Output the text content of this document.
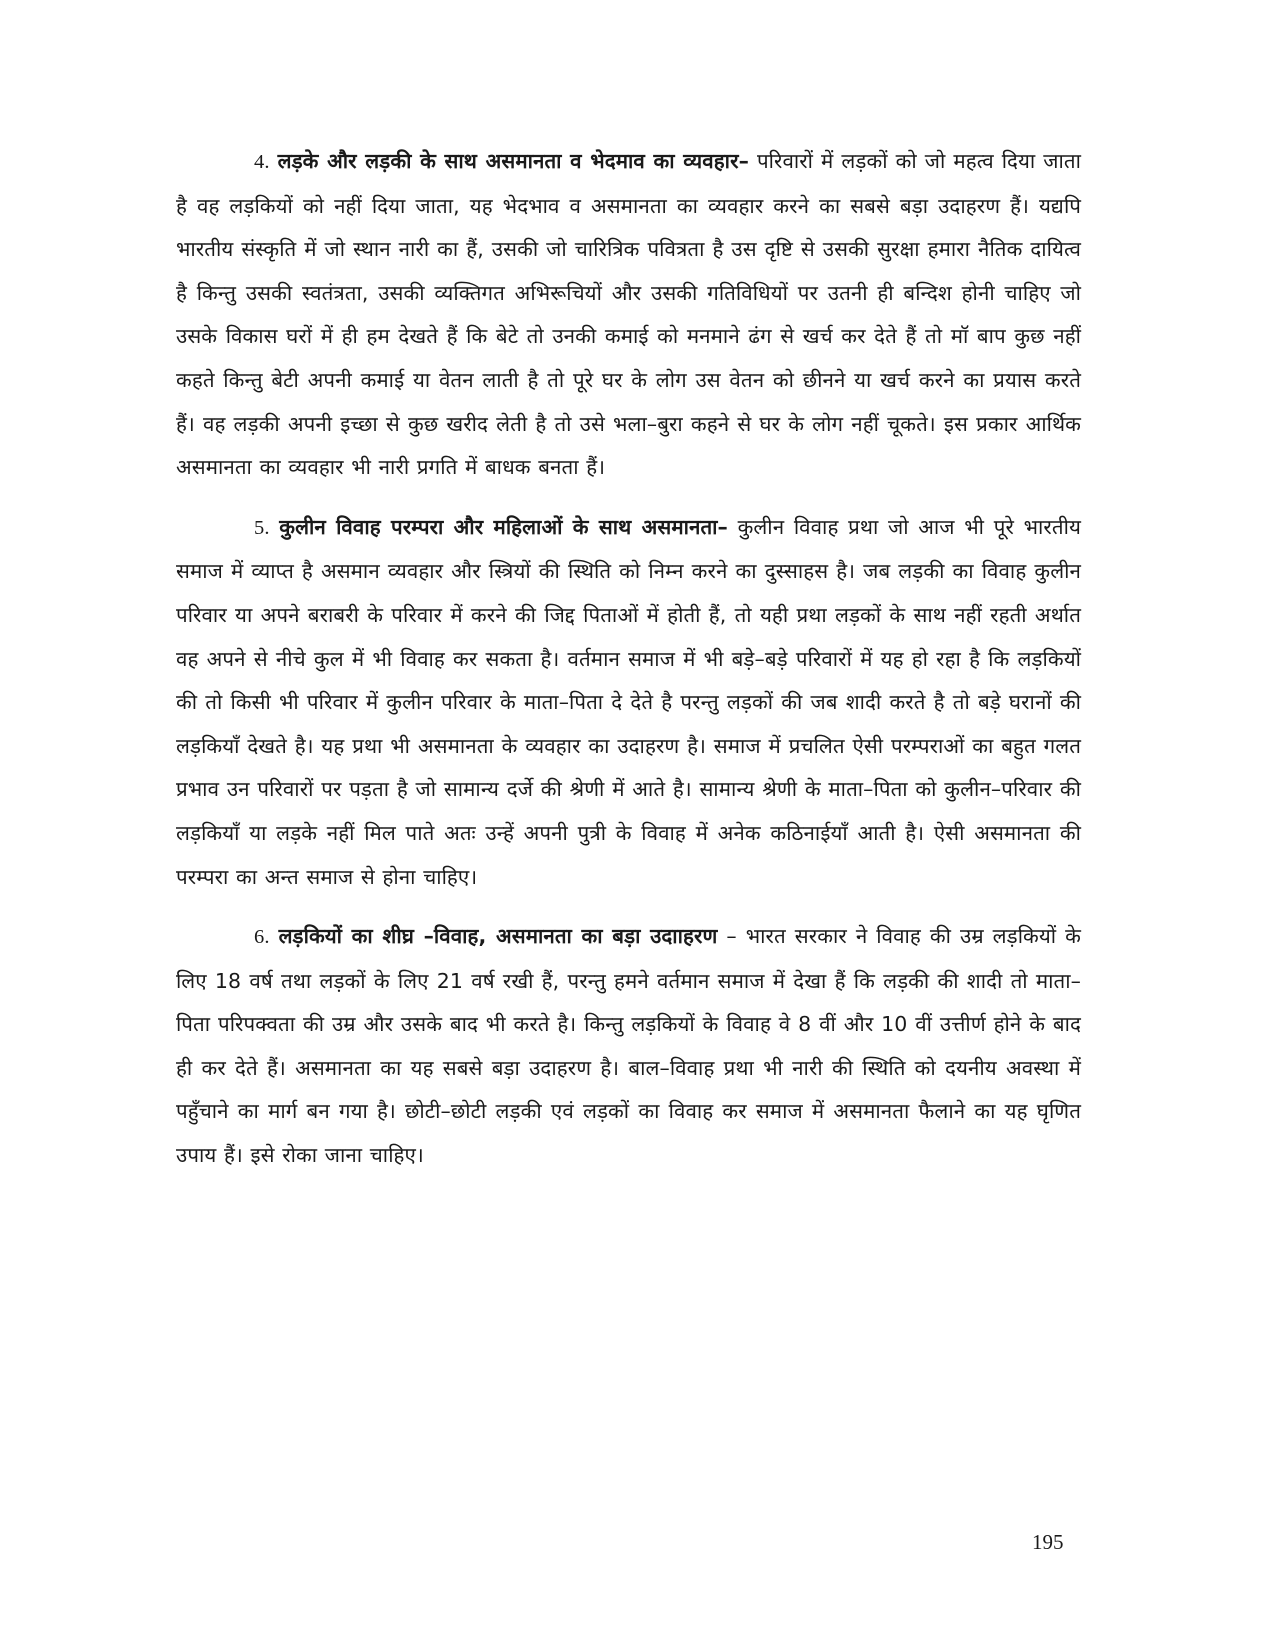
4. लड़के और लड़की के साथ असमानता व भेदमाव का व्यवहार– परिवारों में लड़कों को जो महत्व दिया जाता है वह लड़कियों को नहीं दिया जाता, यह भेदभाव व असमानता का व्यवहार करने का सबसे बड़ा उदाहरण हैं। यद्यपि भारतीय संस्कृति में जो स्थान नारी का हैं, उसकी जो चारित्रिक पवित्रता है उस दृष्टि से उसकी सुरक्षा हमारा नैतिक दायित्व है किन्तु उसकी स्वतंत्रता, उसकी व्यक्तिगत अभिरूचियों और उसकी गतिविधियों पर उतनी ही बन्दिश होनी चाहिए जो उसके विकास घरों में ही हम देखते हैं कि बेटे तो उनकी कमाई को मनमाने ढंग से खर्च कर देते हैं तो मॉ बाप कुछ नहीं कहते किन्तु बेटी अपनी कमाई या वेतन लाती है तो पूरे घर के लोग उस वेतन को छीनने या खर्च करने का प्रयास करते हैं। वह लड़की अपनी इच्छा से कुछ खरीद लेती है तो उसे भला–बुरा कहने से घर के लोग नहीं चूकते। इस प्रकार आर्थिक असमानता का व्यवहार भी नारी प्रगति में बाधक बनता हैं।

5. कुलीन विवाह परम्परा और महिलाओं के साथ असमानता– कुलीन विवाह प्रथा जो आज भी पूरे भारतीय समाज में व्याप्त है असमान व्यवहार और स्त्रियों की स्थिति को निम्न करने का दुस्साहस है। जब लड़की का विवाह कुलीन परिवार या अपने बराबरी के परिवार में करने की जिद्द पिताओं में होती हैं, तो यही प्रथा लड़कों के साथ नहीं रहती अर्थात वह अपने से नीचे कुल में भी विवाह कर सकता है। वर्तमान समाज में भी बड़े–बड़े परिवारों में यह हो रहा है कि लड़कियों की तो किसी भी परिवार में कुलीन परिवार के माता–पिता दे देते है परन्तु लड़कों की जब शादी करते है तो बड़े घरानों की लड़कियाँ देखते है। यह प्रथा भी असमानता के व्यवहार का उदाहरण है। समाज में प्रचलित ऐसी परम्पराओं का बहुत गलत प्रभाव उन परिवारों पर पड़ता है जो सामान्य दर्जे की श्रेणी में आते है। सामान्य श्रेणी के माता–पिता को कुलीन–परिवार की लड़कियाँ या लड़के नहीं मिल पाते अतः उन्हें अपनी पुत्री के विवाह में अनेक कठिनाईयाँ आती है। ऐसी असमानता की परम्परा का अन्त समाज से होना चाहिए।

6. लड़कियों का शीघ्र –विवाह, असमानता का बड़ा उदााहरण – भारत सरकार ने विवाह की उम्र लड़कियों के लिए 18 वर्ष तथा लड़कों के लिए 21 वर्ष रखी हैं, परन्तु हमने वर्तमान समाज में देखा हैं कि लड़की की शादी तो माता–पिता परिपक्वता की उम्र और उसके बाद भी करते है। किन्तु लड़कियों के विवाह वे 8 वीं और 10 वीं उत्तीर्ण होने के बाद ही कर देते हैं। असमानता का यह सबसे बड़ा उदाहरण है। बाल–विवाह प्रथा भी नारी की स्थिति को दयनीय अवस्था में पहुँचाने का मार्ग बन गया है। छोटी–छोटी लड़की एवं लड़कों का विवाह कर समाज में असमानता फैलाने का यह घृणित उपाय हैं। इसे रोका जाना चाहिए।

195
